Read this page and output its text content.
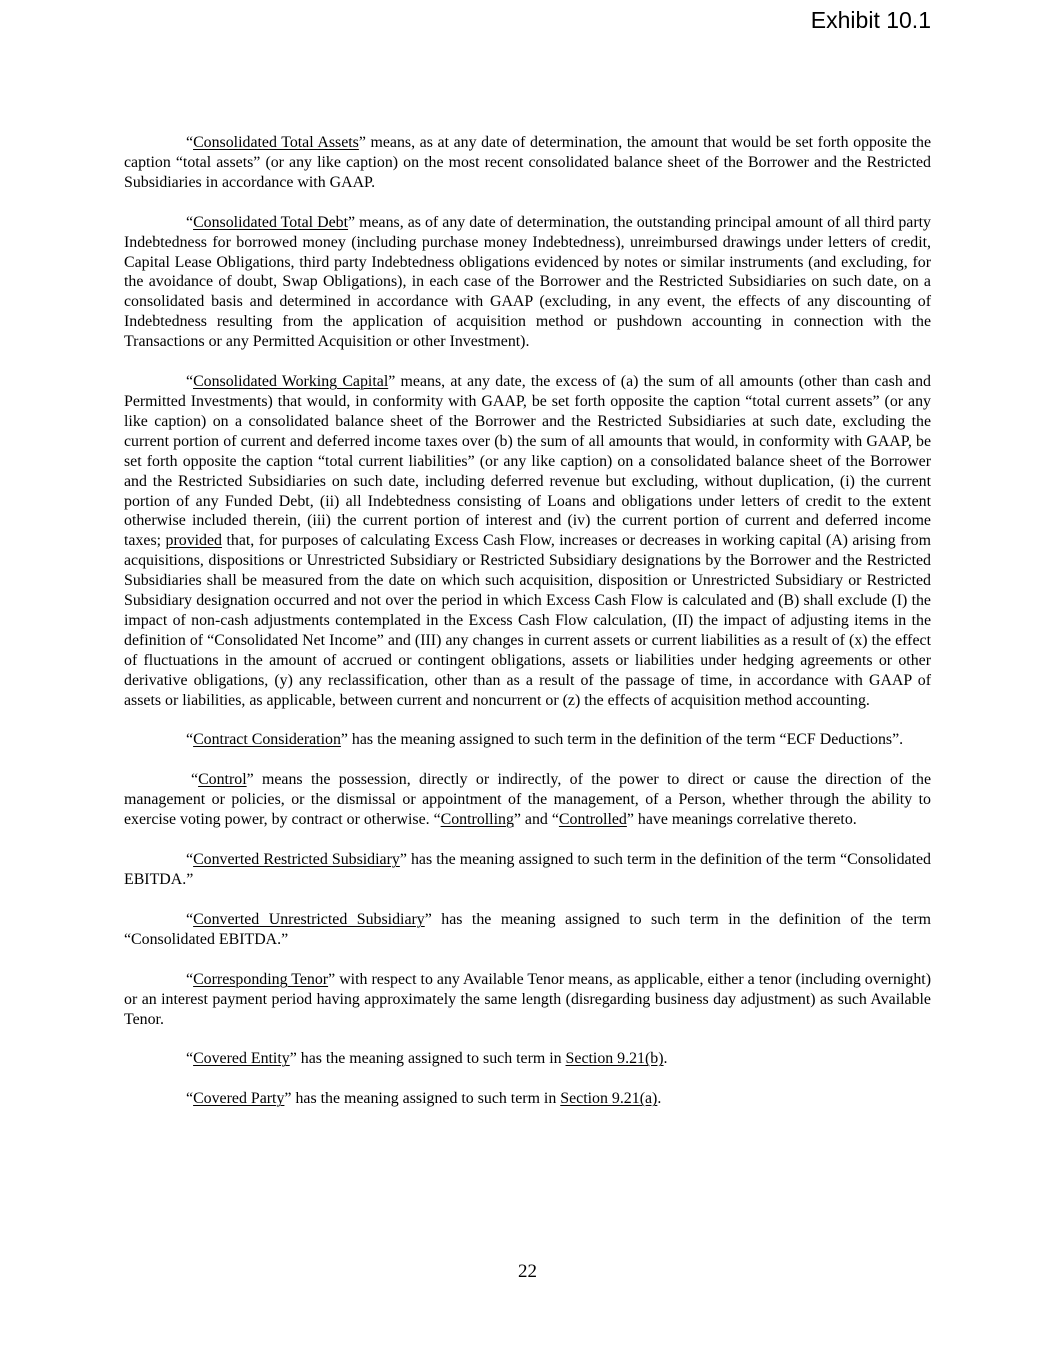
Exhibit 10.1

“Consolidated Total Assets” means, as at any date of determination, the amount that would be set forth opposite the caption “total assets” (or any like caption) on the most recent consolidated balance sheet of the Borrower and the Restricted Subsidiaries in accordance with GAAP.

“Consolidated Total Debt” means, as of any date of determination, the outstanding principal amount of all third party Indebtedness for borrowed money (including purchase money Indebtedness), unreimbursed drawings under letters of credit, Capital Lease Obligations, third party Indebtedness obligations evidenced by notes or similar instruments (and excluding, for the avoidance of doubt, Swap Obligations), in each case of the Borrower and the Restricted Subsidiaries on such date, on a consolidated basis and determined in accordance with GAAP (excluding, in any event, the effects of any discounting of Indebtedness resulting from the application of acquisition method or pushdown accounting in connection with the Transactions or any Permitted Acquisition or other Investment).

“Consolidated Working Capital” means, at any date, the excess of (a) the sum of all amounts (other than cash and Permitted Investments) that would, in conformity with GAAP, be set forth opposite the caption “total current assets” (or any like caption) on a consolidated balance sheet of the Borrower and the Restricted Subsidiaries at such date, excluding the current portion of current and deferred income taxes over (b) the sum of all amounts that would, in conformity with GAAP, be set forth opposite the caption “total current liabilities” (or any like caption) on a consolidated balance sheet of the Borrower and the Restricted Subsidiaries on such date, including deferred revenue but excluding, without duplication, (i) the current portion of any Funded Debt, (ii) all Indebtedness consisting of Loans and obligations under letters of credit to the extent otherwise included therein, (iii) the current portion of interest and (iv) the current portion of current and deferred income taxes; provided that, for purposes of calculating Excess Cash Flow, increases or decreases in working capital (A) arising from acquisitions, dispositions or Unrestricted Subsidiary or Restricted Subsidiary designations by the Borrower and the Restricted Subsidiaries shall be measured from the date on which such acquisition, disposition or Unrestricted Subsidiary or Restricted Subsidiary designation occurred and not over the period in which Excess Cash Flow is calculated and (B) shall exclude (I) the impact of non-cash adjustments contemplated in the Excess Cash Flow calculation, (II) the impact of adjusting items in the definition of “Consolidated Net Income” and (III) any changes in current assets or current liabilities as a result of (x) the effect of fluctuations in the amount of accrued or contingent obligations, assets or liabilities under hedging agreements or other derivative obligations, (y) any reclassification, other than as a result of the passage of time, in accordance with GAAP of assets or liabilities, as applicable, between current and noncurrent or (z) the effects of acquisition method accounting.

“Contract Consideration” has the meaning assigned to such term in the definition of the term “ECF Deductions”.

“Control” means the possession, directly or indirectly, of the power to direct or cause the direction of the management or policies, or the dismissal or appointment of the management, of a Person, whether through the ability to exercise voting power, by contract or otherwise. “Controlling” and “Controlled” have meanings correlative thereto.

“Converted Restricted Subsidiary” has the meaning assigned to such term in the definition of the term “Consolidated EBITDA.”

“Converted Unrestricted Subsidiary” has the meaning assigned to such term in the definition of the term “Consolidated EBITDA.”

“Corresponding Tenor” with respect to any Available Tenor means, as applicable, either a tenor (including overnight) or an interest payment period having approximately the same length (disregarding business day adjustment) as such Available Tenor.

“Covered Entity” has the meaning assigned to such term in Section 9.21(b).

“Covered Party” has the meaning assigned to such term in Section 9.21(a).

22
